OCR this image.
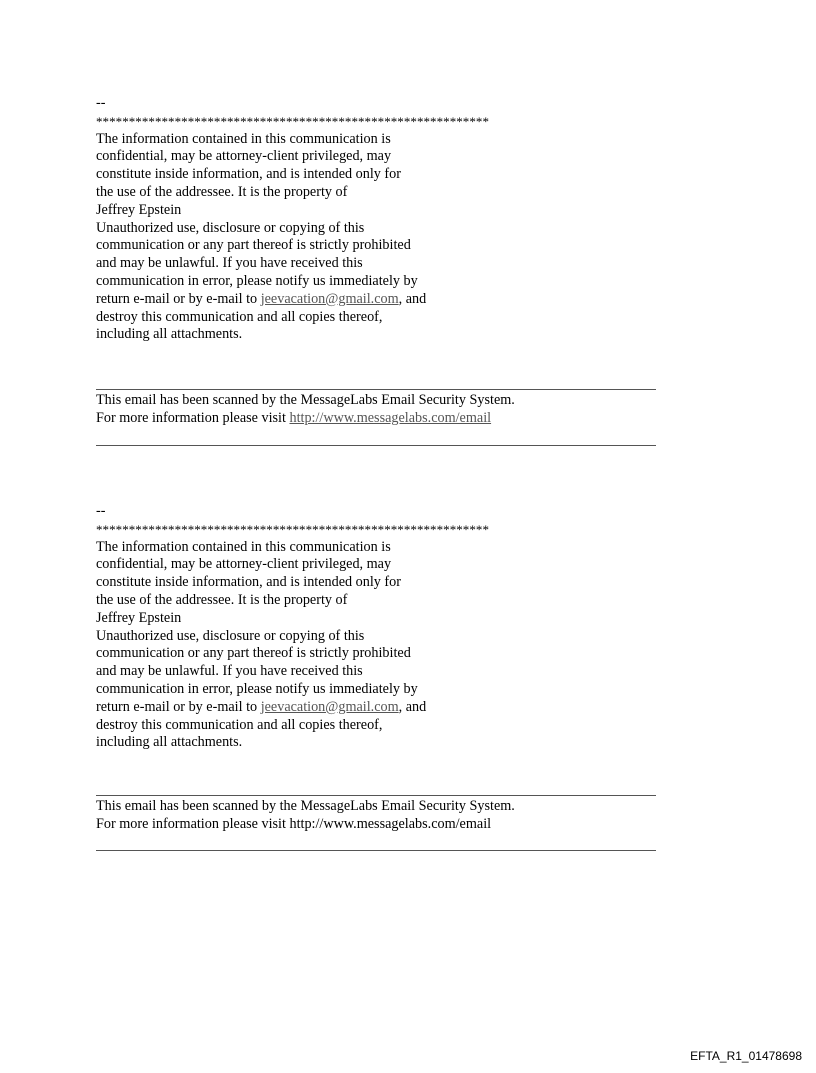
--
************************************************************
The information contained in this communication is
confidential, may be attorney-client privileged, may
constitute inside information, and is intended only for
the use of the addressee. It is the property of
Jeffrey Epstein
Unauthorized use, disclosure or copying of this
communication or any part thereof is strictly prohibited
and may be unlawful. If you have received this
communication in error, please notify us immediately by
return e-mail or by e-mail to jeevacation@gmail.com, and
destroy this communication and all copies thereof,
including all attachments.
This email has been scanned by the MessageLabs Email Security System.
For more information please visit http://www.messagelabs.com/email
--
************************************************************
The information contained in this communication is
confidential, may be attorney-client privileged, may
constitute inside information, and is intended only for
the use of the addressee. It is the property of
Jeffrey Epstein
Unauthorized use, disclosure or copying of this
communication or any part thereof is strictly prohibited
and may be unlawful. If you have received this
communication in error, please notify us immediately by
return e-mail or by e-mail to jeevacation@gmail.com, and
destroy this communication and all copies thereof,
including all attachments.
This email has been scanned by the MessageLabs Email Security System.
For more information please visit http://www.messagelabs.com/email
EFTA_R1_01478698
